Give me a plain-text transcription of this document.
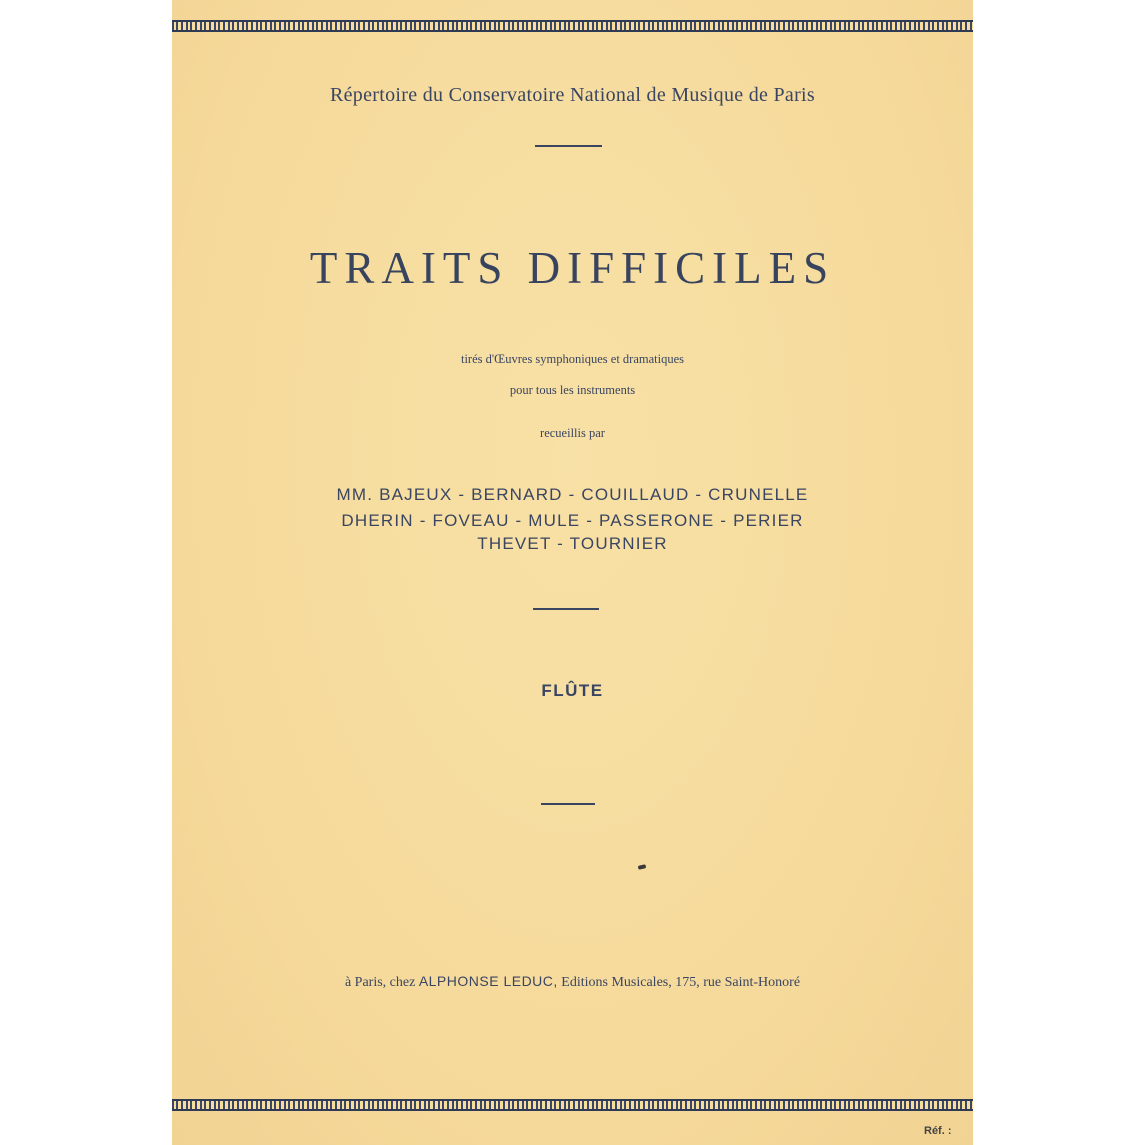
Répertoire du Conservatoire National de Musique de Paris
TRAITS DIFFICILES
tirés d'Œuvres symphoniques et dramatiques
pour tous les instruments
recueillis par
MM. BAJEUX - BERNARD - COUILLAUD - CRUNELLE
DHERIN - FOVEAU - MULE - PASSERONE - PERIER
THEVET - TOURNIER
FLÛTE
à Paris, chez ALPHONSE LEDUC, Editions Musicales, 175, rue Saint-Honoré
Réf. :
